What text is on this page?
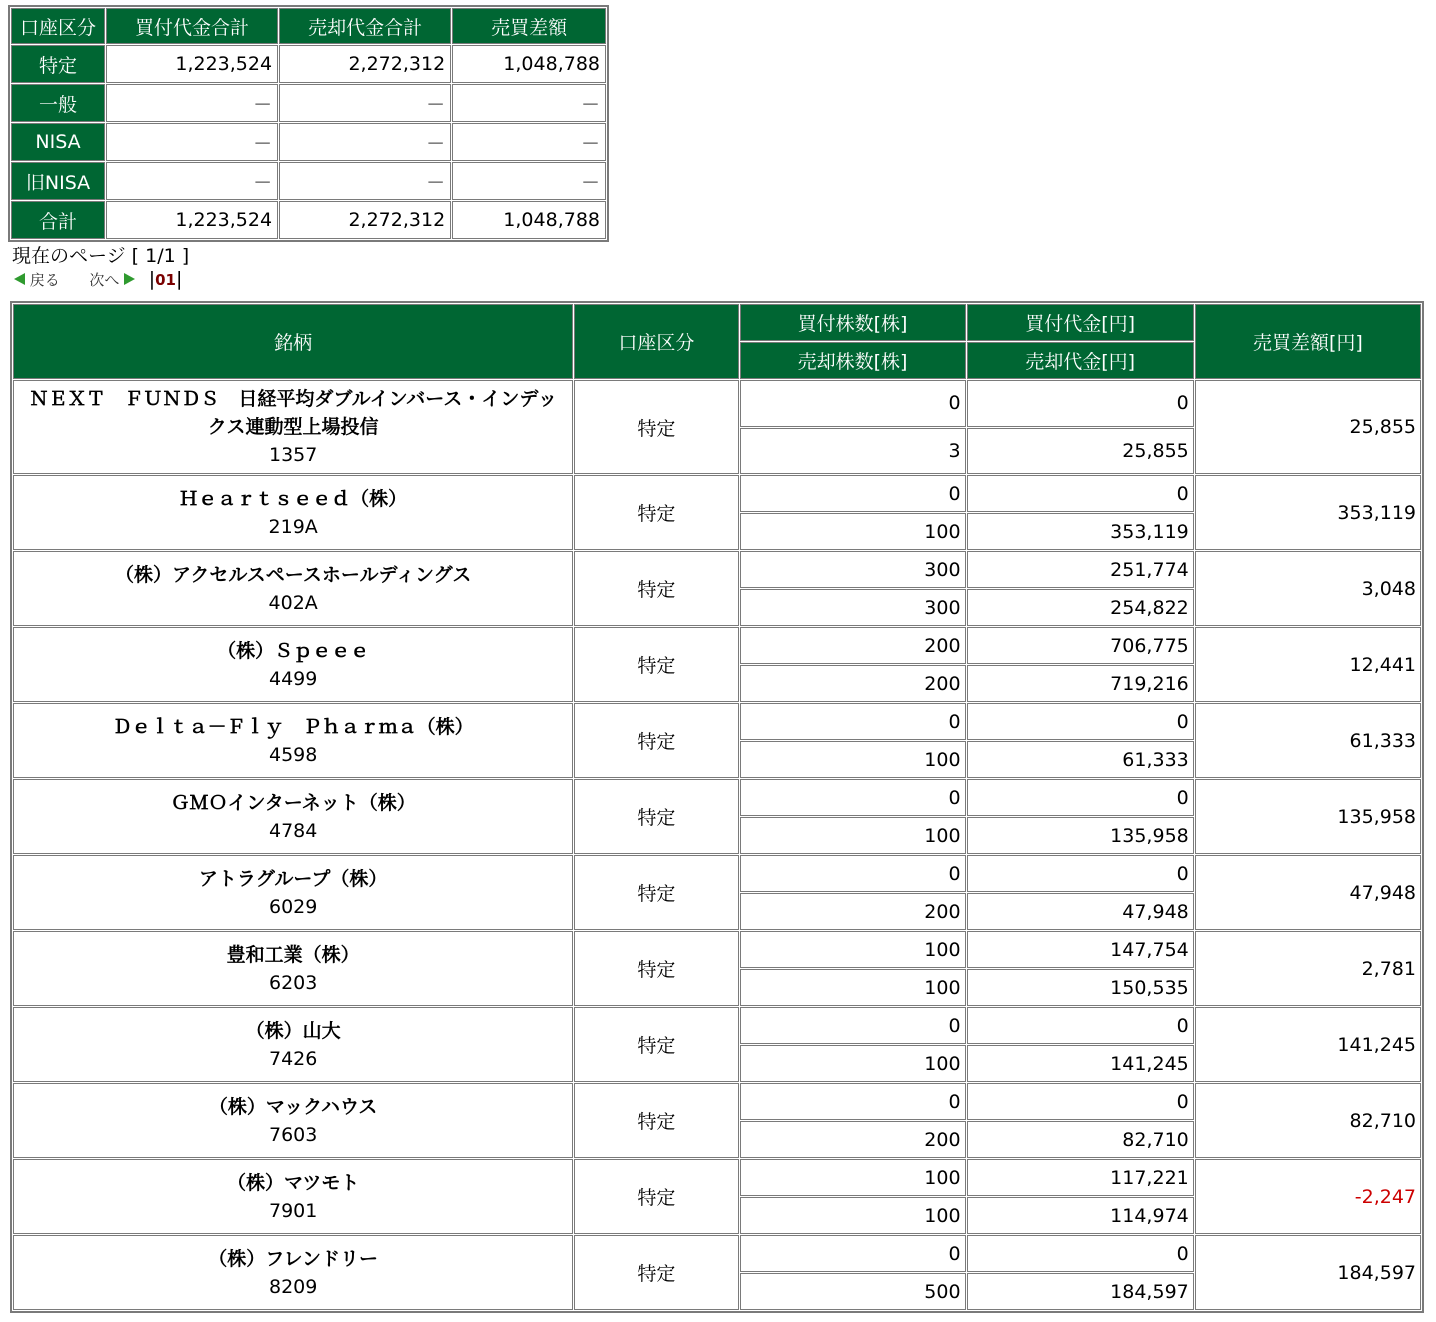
口座区分	買付代金合計	売却代金合計	売買差額
特定	1,223,524	2,272,312	1,048,788
一般	－	－	－
NISA	－	－	－
旧NISA	－	－	－
合計	1,223,524	2,272,312	1,048,788
現在のページ [ 1/1 ]
戻る 次へ |01|
銘柄	口座区分	買付株数[株]	買付代金[円]	売買差額[円]
		売却株数[株]	売却代金[円]	

ＮＥＸＴ　ＦＵＮＤＳ　日経平均ダブルインバース・インデックス連動型上場投信
1357	特定	0	0	25,855
		3	25,855	

Ｈｅａｒｔｓｅｅｄ（株）
219A	特定	0	0	353,119
		100	353,119	

（株）アクセルスペースホールディングス
402A	特定	300	251,774	3,048
		300	254,822	

（株）Ｓｐｅｅｅ
4499	特定	200	706,775	12,441
		200	719,216	

Ｄｅｌｔａ－Ｆｌｙ　Ｐｈａｒｍａ（株）
4598	特定	0	0	61,333
		100	61,333	

ＧＭＯインターネット（株）
4784	特定	0	0	135,958
		100	135,958	

アトラグループ（株）
6029	特定	0	0	47,948
		200	47,948	

豊和工業（株）
6203	特定	100	147,754	2,781
		100	150,535	

（株）山大
7426	特定	0	0	141,245
		100	141,245	

（株）マックハウス
7603	特定	0	0	82,710
		200	82,710	

（株）マツモト
7901	特定	100	117,221	-2,247
		100	114,974	

（株）フレンドリー
8209	特定	0	0	184,597
		500	184,597	
